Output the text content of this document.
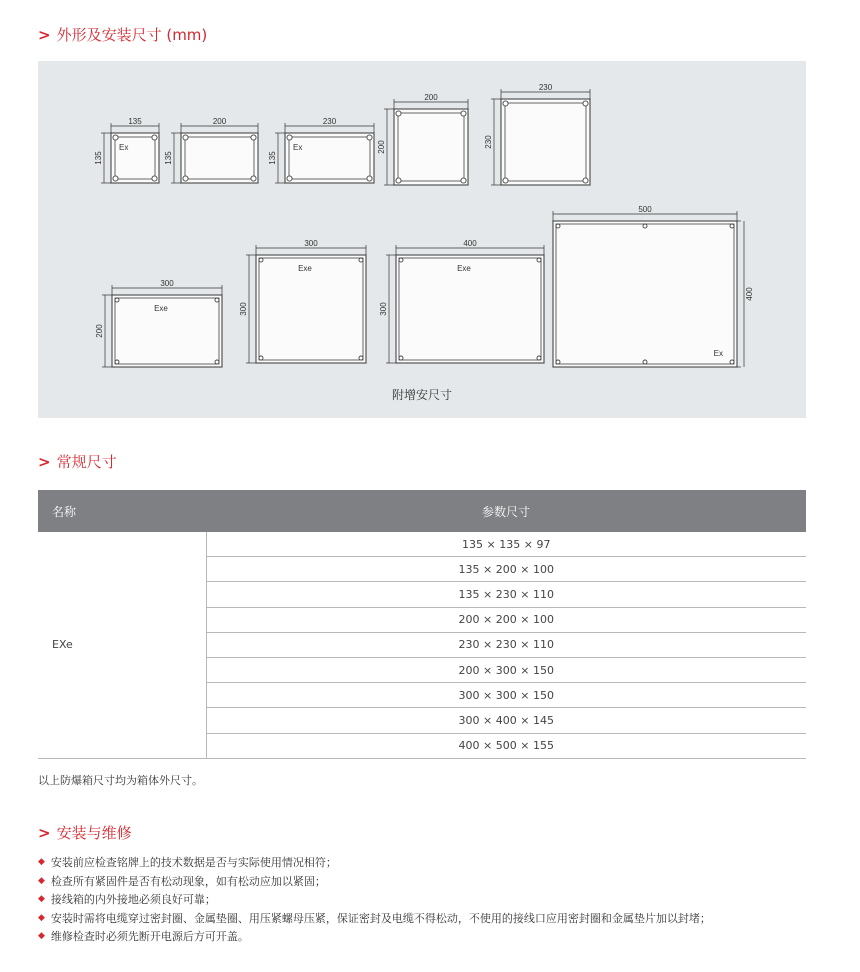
> 外形及安装尺寸 (mm)
135
135
Ex
200
135
230
135
Ex
200
200
230
230
300
200
Exe
300
300
Exe
400
300
Exe
500
400
Ex
附增安尺寸
> 常规尺寸
名称	参数尺寸
EXe	135 × 135 × 97
	135 × 200 × 100
	135 × 230 × 110
	200 × 200 × 100
	230 × 230 × 110
	200 × 300 × 150
	300 × 300 × 150
	300 × 400 × 145
	400 × 500 × 155
以上防爆箱尺寸均为箱体外尺寸。
> 安装与维修
◆ 安装前应检查铭牌上的技术数据是否与实际使用情况相符；
◆ 检查所有紧固件是否有松动现象，如有松动应加以紧固；
◆ 接线箱的内外接地必须良好可靠；
◆ 安装时需将电缆穿过密封圈、金属垫圈、用压紧螺母压紧，保证密封及电缆不得松动，不使用的接线口应用密封圈和金属垫片加以封堵；
◆ 维修检查时必须先断开电源后方可开盖。
